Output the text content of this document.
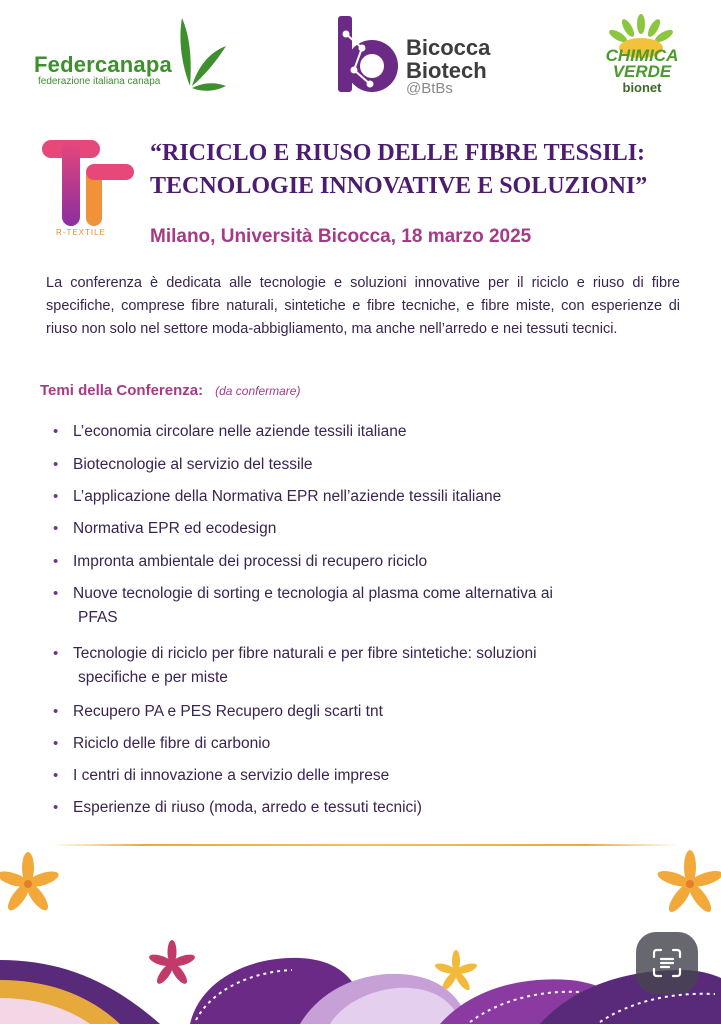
Federcanapa
federazione italiana canapa
Bicocca
Biotech
@BtBs
CHIMICA
VERDE
bionet
R-TEXTILE
“RICICLO E RIUSO DELLE FIBRE TESSILI:
TECNOLOGIE INNOVATIVE E SOLUZIONI”
Milano, Università Bicocca, 18 marzo 2025
La conferenza è dedicata alle tecnologie e soluzioni innovative per il riciclo e riuso di fibre specifiche, comprese fibre naturali, sintetiche e fibre tecniche, e fibre miste, con esperienze di riuso non solo nel settore moda-abbigliamento, ma anche nell’arredo e nei tessuti tecnici.
Temi della Conferenza: (da confermare)
• L’economia circolare nelle aziende tessili italiane
• Biotecnologie al servizio del tessile
• L’applicazione della Normativa EPR nell’aziende tessili italiane
• Normativa EPR ed ecodesign
• Impronta ambientale dei processi di recupero riciclo
• Nuove tecnologie di sorting e tecnologia al plasma come alternativa ai
PFAS
• Tecnologie di riciclo per fibre naturali e per fibre sintetiche: soluzioni
specifiche e per miste
• Recupero PA e PES Recupero degli scarti tnt
• Riciclo delle fibre di carbonio
• I centri di innovazione a servizio delle imprese
• Esperienze di riuso (moda, arredo e tessuti tecnici)
